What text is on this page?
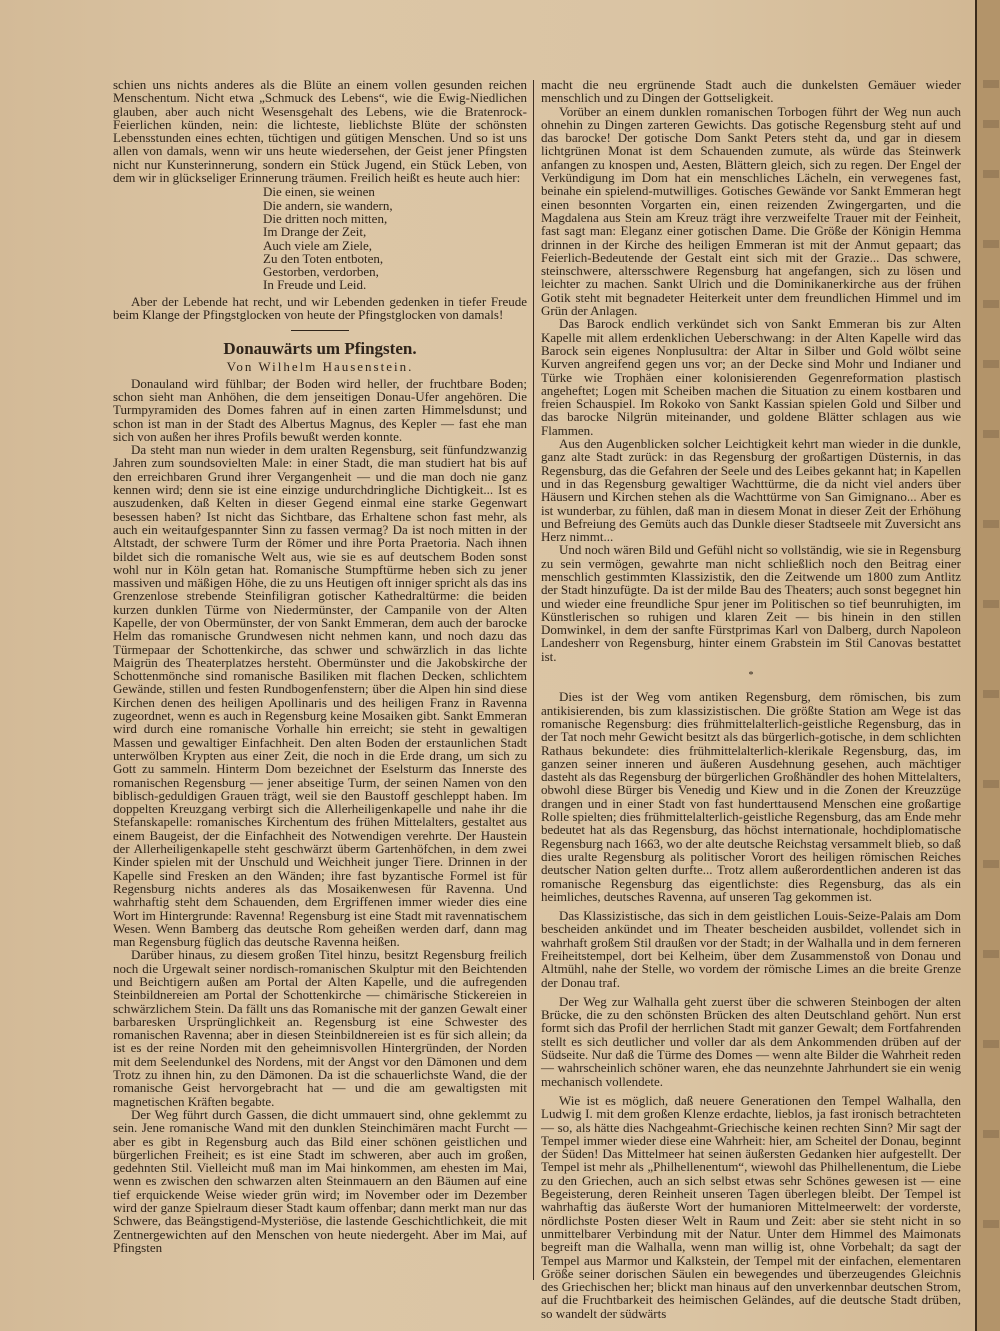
schien uns nichts anderes als die Blüte an einem vollen gesunden reichen Menschentum. Nicht etwa „Schmuck des Lebens“, wie die Ewig-Niedlichen glauben, aber auch nicht Wesensgehalt des Lebens, wie die Bratenrock-Feierlichen künden, nein: die lichteste, lieblichste Blüte der schönsten Lebensstunden eines echten, tüchtigen und gütigen Menschen. Und so ist uns allen von damals, wenn wir uns heute wiedersehen, der Geist jener Pfingsten nicht nur Kunsterinnerung, sondern ein Stück Jugend, ein Stück Leben, von dem wir in glückseliger Erinnerung träumen. Freilich heißt es heute auch hier:

Die einen, sie weinen
Die andern, sie wandern,
Die dritten noch mitten,
Im Drange der Zeit,
Auch viele am Ziele,
Zu den Toten entboten,
Gestorben, verdorben,
In Freude und Leid.

Aber der Lebende hat recht, und wir Lebenden gedenken in tiefer Freude beim Klange der Pfingstglocken von heute der Pfingstglocken von damals!

Donauwärts um Pfingsten.
Von Wilhelm Hausenstein.

Donauland wird fühlbar; der Boden wird heller, der fruchtbare Boden; schon sieht man Anhöhen, die dem jenseitigen Donau-Ufer angehören. Die Turmpyramiden des Domes fahren auf in einen zarten Himmelsdunst; und schon ist man in der Stadt des Albertus Magnus, des Kepler — fast ehe man sich von außen her ihres Profils bewußt werden konnte.

Da steht man nun wieder in dem uralten Regensburg, seit fünfundzwanzig Jahren zum soundsovielten Male: in einer Stadt, die man studiert hat bis auf den erreichbaren Grund ihrer Vergangenheit — und die man doch nie ganz kennen wird; denn sie ist eine einzige undurchdringliche Dichtigkeit... Ist es auszudenken, daß Kelten in dieser Gegend einmal eine starke Gegenwart besessen haben? Ist nicht das Sichtbare, das Erhaltene schon fast mehr, als auch ein weitaufgespannter Sinn zu fassen vermag? Da ist noch mitten in der Altstadt, der schwere Turm der Römer und ihre Porta Praetoria. Nach ihnen bildet sich die romanische Welt aus, wie sie es auf deutschem Boden sonst wohl nur in Köln getan hat. Romanische Stumpftürme heben sich zu jener massiven und mäßigen Höhe, die zu uns Heutigen oft inniger spricht als das ins Grenzenlose strebende Steinfiligran gotischer Kathedraltürme: die beiden kurzen dunklen Türme von Niedermünster, der Campanile von der Alten Kapelle, der von Obermünster, der von Sankt Emmeran, dem auch der barocke Helm das romanische Grundwesen nicht nehmen kann, und noch dazu das Türmepaar der Schottenkirche, das schwer und schwärzlich in das lichte Maigrün des Theaterplatzes hersteht. Obermünster und die Jakobskirche der Schottenmönche sind romanische Basiliken mit flachen Decken, schlichtem Gewände, stillen und festen Rundbogenfenstern; über die Alpen hin sind diese Kirchen denen des heiligen Apollinaris und des heiligen Franz in Ravenna zugeordnet, wenn es auch in Regensburg keine Mosaiken gibt. Sankt Emmeran wird durch eine romanische Vorhalle hin erreicht; sie steht in gewaltigen Massen und gewaltiger Einfachheit. Den alten Boden der erstaunlichen Stadt unterwölben Krypten aus einer Zeit, die noch in die Erde drang, um sich zu Gott zu sammeln. Hinterm Dom bezeichnet der Eselsturm das Innerste des romanischen Regensburg — jener abseitige Turm, der seinen Namen von den biblisch-geduldigen Grauen trägt, weil sie den Baustoff geschleppt haben. Im doppelten Kreuzgang verbirgt sich die Allerheiligenkapelle und nahe ihr die Stefanskapelle: romanisches Kirchentum des frühen Mittelalters, gestaltet aus einem Baugeist, der die Einfachheit des Notwendigen verehrte. Der Haustein der Allerheiligenkapelle steht geschwärzt überm Gartenhöfchen, in dem zwei Kinder spielen mit der Unschuld und Weichheit junger Tiere. Drinnen in der Kapelle sind Fresken an den Wänden; ihre fast byzantische Formel ist für Regensburg nichts anderes als das Mosaikenwesen für Ravenna. Und wahrhaftig steht dem Schauenden, dem Ergriffenen immer wieder dies eine Wort im Hintergrunde: Ravenna! Regensburg ist eine Stadt mit ravennatischem Wesen. Wenn Bamberg das deutsche Rom geheißen werden darf, dann mag man Regensburg füglich das deutsche Ravenna heißen.

Darüber hinaus, zu diesem großen Titel hinzu, besitzt Regensburg freilich noch die Urgewalt seiner nordisch-romanischen Skulptur mit den Beichtenden und Beichtigern außen am Portal der Alten Kapelle, und die aufregenden Steinbildnereien am Portal der Schottenkirche — chimärische Stickereien in schwärzlichem Stein. Da fällt uns das Romanische mit der ganzen Gewalt einer barbaresken Ursprünglichkeit an. Regensburg ist eine Schwester des romanischen Ravenna; aber in diesen Steinbildnereien ist es für sich allein; da ist es der reine Norden mit den geheimnisvollen Hintergründen, der Norden mit dem Seelendunkel des Nordens, mit der Angst vor den Dämonen und dem Trotz zu ihnen hin, zu den Dämonen. Da ist die schauerlichste Wand, die der romanische Geist hervorgebracht hat — und die am gewaltigsten mit magnetischen Kräften begabte.

Der Weg führt durch Gassen, die dicht ummauert sind, ohne geklemmt zu sein. Jene romanische Wand mit den dunklen Steinchimären macht Furcht — aber es gibt in Regensburg auch das Bild einer schönen geistlichen und bürgerlichen Freiheit; es ist eine Stadt im schweren, aber auch im großen, gedehnten Stil. Vielleicht muß man im Mai hinkommen, am ehesten im Mai, wenn es zwischen den schwarzen alten Steinmauern an den Bäumen auf eine tief erquickende Weise wieder grün wird; im November oder im Dezember wird der ganze Spielraum dieser Stadt kaum offenbar; dann merkt man nur das Schwere, das Beängstigend-Mysteriöse, die lastende Geschichtlichkeit, die mit Zentnergewichten auf den Menschen von heute niedergeht. Aber im Mai, auf Pfingsten

macht die neu ergrünende Stadt auch die dunkelsten Gemäuer wieder menschlich und zu Dingen der Gottseligkeit.

Vorüber an einem dunklen romanischen Torbogen führt der Weg nun auch ohnehin zu Dingen zarteren Gewichts. Das gotische Regensburg steht auf und das barocke! Der gotische Dom Sankt Peters steht da, und gar in diesem lichtgrünen Monat ist dem Schauenden zumute, als würde das Steinwerk anfangen zu knospen und, Aesten, Blättern gleich, sich zu regen. Der Engel der Verkündigung im Dom hat ein menschliches Lächeln, ein verwegenes fast, beinahe ein spielend-mutwilliges. Gotisches Gewände vor Sankt Emmeran hegt einen besonnten Vorgarten ein, einen reizenden Zwingergarten, und die Magdalena aus Stein am Kreuz trägt ihre verzweifelte Trauer mit der Feinheit, fast sagt man: Eleganz einer gotischen Dame. Die Größe der Königin Hemma drinnen in der Kirche des heiligen Emmeran ist mit der Anmut gepaart; das Feierlich-Bedeutende der Gestalt eint sich mit der Grazie... Das schwere, steinschwere, altersschwere Regensburg hat angefangen, sich zu lösen und leichter zu machen. Sankt Ulrich und die Dominikanerkirche aus der frühen Gotik steht mit begnadeter Heiterkeit unter dem freundlichen Himmel und im Grün der Anlagen.

Das Barock endlich verkündet sich von Sankt Emmeran bis zur Alten Kapelle mit allem erdenklichen Ueberschwang: in der Alten Kapelle wird das Barock sein eigenes Nonplusultra: der Altar in Silber und Gold wölbt seine Kurven angreifend gegen uns vor; an der Decke sind Mohr und Indianer und Türke wie Trophäen einer kolonisierenden Gegenreformation plastisch angeheftet; Logen mit Scheiben machen die Situation zu einem kostbaren und freien Schauspiel. Im Rokoko von Sankt Kassian spielen Gold und Silber und das barocke Nilgrün miteinander, und goldene Blätter schlagen aus wie Flammen.

Aus den Augenblicken solcher Leichtigkeit kehrt man wieder in die dunkle, ganz alte Stadt zurück: in das Regensburg der großartigen Düsternis, in das Regensburg, das die Gefahren der Seele und des Leibes gekannt hat; in Kapellen und in das Regensburg gewaltiger Wachttürme, die da nicht viel anders über Häusern und Kirchen stehen als die Wachttürme von San Gimignano... Aber es ist wunderbar, zu fühlen, daß man in diesem Monat in dieser Zeit der Erhöhung und Befreiung des Gemüts auch das Dunkle dieser Stadtseele mit Zuversicht ans Herz nimmt...

Und noch wären Bild und Gefühl nicht so vollständig, wie sie in Regensburg zu sein vermögen, gewahrte man nicht schließlich noch den Beitrag einer menschlich gestimmten Klassizistik, den die Zeitwende um 1800 zum Antlitz der Stadt hinzufügte. Da ist der milde Bau des Theaters; auch sonst begegnet hin und wieder eine freundliche Spur jener im Politischen so tief beunruhigten, im Künstlerischen so ruhigen und klaren Zeit — bis hinein in den stillen Domwinkel, in dem der sanfte Fürstprimas Karl von Dalberg, durch Napoleon Landesherr von Regensburg, hinter einem Grabstein im Stil Canovas bestattet ist.

*

Dies ist der Weg vom antiken Regensburg, dem römischen, bis zum antikisierenden, bis zum klassizistischen. Die größte Station am Wege ist das romanische Regensburg: dies frühmittelalterlich-geistliche Regensburg, das in der Tat noch mehr Gewicht besitzt als das bürgerlich-gotische, in dem schlichten Rathaus bekundete: dies frühmittelalterlich-klerikale Regensburg, das, im ganzen seiner inneren und äußeren Ausdehnung gesehen, auch mächtiger dasteht als das Regensburg der bürgerlichen Großhändler des hohen Mittelalters, obwohl diese Bürger bis Venedig und Kiew und in die Zonen der Kreuzzüge drangen und in einer Stadt von fast hunderttausend Menschen eine großartige Rolle spielten; dies frühmittelalterlich-geistliche Regensburg, das am Ende mehr bedeutet hat als das Regensburg, das höchst internationale, hochdiplomatische Regensburg nach 1663, wo der alte deutsche Reichstag versammelt blieb, so daß dies uralte Regensburg als politischer Vorort des heiligen römischen Reiches deutscher Nation gelten durfte... Trotz allem außerordentlichen anderen ist das romanische Regensburg das eigentlichste: dies Regensburg, das als ein heimliches, deutsches Ravenna, auf unseren Tag gekommen ist.

Das Klassizistische, das sich in dem geistlichen Louis-Seize-Palais am Dom bescheiden ankündet und im Theater bescheiden ausbildet, vollendet sich in wahrhaft großem Stil draußen vor der Stadt; in der Walhalla und in dem ferneren Freiheitstempel, dort bei Kelheim, über dem Zusammenstoß von Donau und Altmühl, nahe der Stelle, wo vordem der römische Limes an die breite Grenze der Donau traf.

Der Weg zur Walhalla geht zuerst über die schweren Steinbogen der alten Brücke, die zu den schönsten Brücken des alten Deutschland gehört. Nun erst formt sich das Profil der herrlichen Stadt mit ganzer Gewalt; dem Fortfahrenden stellt es sich deutlicher und voller dar als dem Ankommenden drüben auf der Südseite. Nur daß die Türme des Domes — wenn alte Bilder die Wahrheit reden — wahrscheinlich schöner waren, ehe das neunzehnte Jahrhundert sie ein wenig mechanisch vollendete.

Wie ist es möglich, daß neuere Generationen den Tempel Walhalla, den Ludwig I. mit dem großen Klenze erdachte, lieblos, ja fast ironisch betrachteten — so, als hätte dies Nachgeahmt-Griechische keinen rechten Sinn? Mir sagt der Tempel immer wieder diese eine Wahrheit: hier, am Scheitel der Donau, beginnt der Süden! Das Mittelmeer hat seinen äußersten Gedanken hier aufgestellt. Der Tempel ist mehr als „Philhellenentum“, wiewohl das Philhellenentum, die Liebe zu den Griechen, auch an sich selbst etwas sehr Schönes gewesen ist — eine Begeisterung, deren Reinheit unseren Tagen überlegen bleibt. Der Tempel ist wahrhaftig das äußerste Wort der humanioren Mittelmeerwelt: der vorderste, nördlichste Posten dieser Welt in Raum und Zeit: aber sie steht nicht in so unmittelbarer Verbindung mit der Natur. Unter dem Himmel des Maimonats begreift man die Walhalla, wenn man willig ist, ohne Vorbehalt; da sagt der Tempel aus Marmor und Kalkstein, der Tempel mit der einfachen, elementaren Größe seiner dorischen Säulen ein bewegendes und überzeugendes Gleichnis des Griechischen her; blickt man hinaus auf den unverkennbar deutschen Strom, auf die Fruchtbarkeit des heimischen Geländes, auf die deutsche Stadt drüben, so wandelt der südwärts
